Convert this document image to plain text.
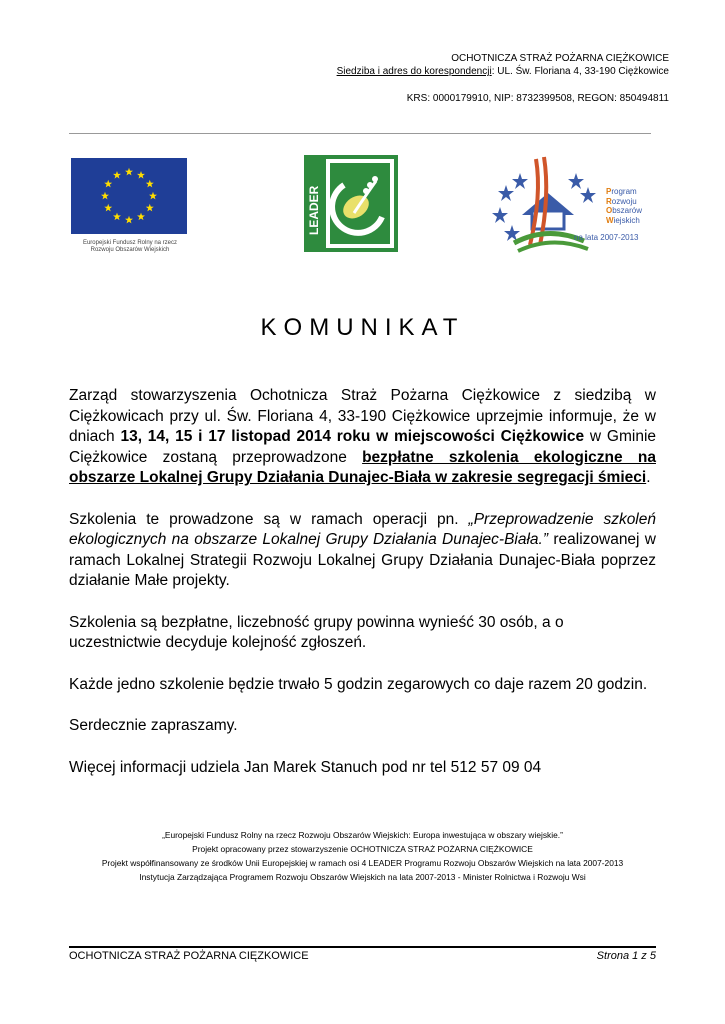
OCHOTNICZA STRAŻ POŻARNA CIĘŻKOWICE
Siedziba i adres do korespondencji: UL. Św. Floriana 4, 33-190 Ciężkowice
KRS: 0000179910, NIP: 8732399508, REGON: 850494811
Europejski Fundusz Rolny na rzecz
Rozwoju Obszarów Wiejskich
LEADER	Program
Rozwoju
Obszarów
Wiejskich
na lata 2007-2013
KOMUNIKAT

Zarząd stowarzyszenia Ochotnicza Straż Pożarna Ciężkowice z siedzibą w Ciężkowicach przy ul. Św. Floriana 4, 33-190 Ciężkowice uprzejmie informuje, że w dniach 13, 14, 15 i 17 listopad 2014 roku w miejscowości Ciężkowice w Gminie Ciężkowice zostaną przeprowadzone bezpłatne szkolenia ekologiczne na obszarze Lokalnej Grupy Działania Dunajec-Biała w zakresie segregacji śmieci.

Szkolenia te prowadzone są w ramach operacji pn. „Przeprowadzenie szkoleń ekologicznych na obszarze Lokalnej Grupy Działania Dunajec-Biała.” realizowanej w ramach Lokalnej Strategii Rozwoju Lokalnej Grupy Działania Dunajec-Biała poprzez działanie Małe projekty.

Szkolenia są bezpłatne, liczebność grupy powinna wynieść 30 osób, a o uczestnictwie decyduje kolejność zgłoszeń.

Każde jedno szkolenie będzie trwało 5 godzin zegarowych co daje razem 20 godzin.

Serdecznie zapraszamy.

Więcej informacji udziela Jan Marek Stanuch pod nr tel 512 57 09 04

„Europejski Fundusz Rolny na rzecz Rozwoju Obszarów Wiejskich: Europa inwestująca w obszary wiejskie.”
Projekt opracowany przez stowarzyszenie OCHOTNICZA STRAŻ POŻARNA CIĘŻKOWICE
Projekt współfinansowany ze środków Unii Europejskiej w ramach osi 4 LEADER Programu Rozwoju Obszarów Wiejskich na lata 2007-2013
Instytucja Zarządzająca Programem Rozwoju Obszarów Wiejskich na lata 2007-2013 - Minister Rolnictwa i Rozwoju Wsi
OCHOTNICZA STRAŻ POŻARNA CIĘZKOWICE	Strona 1 z 5
